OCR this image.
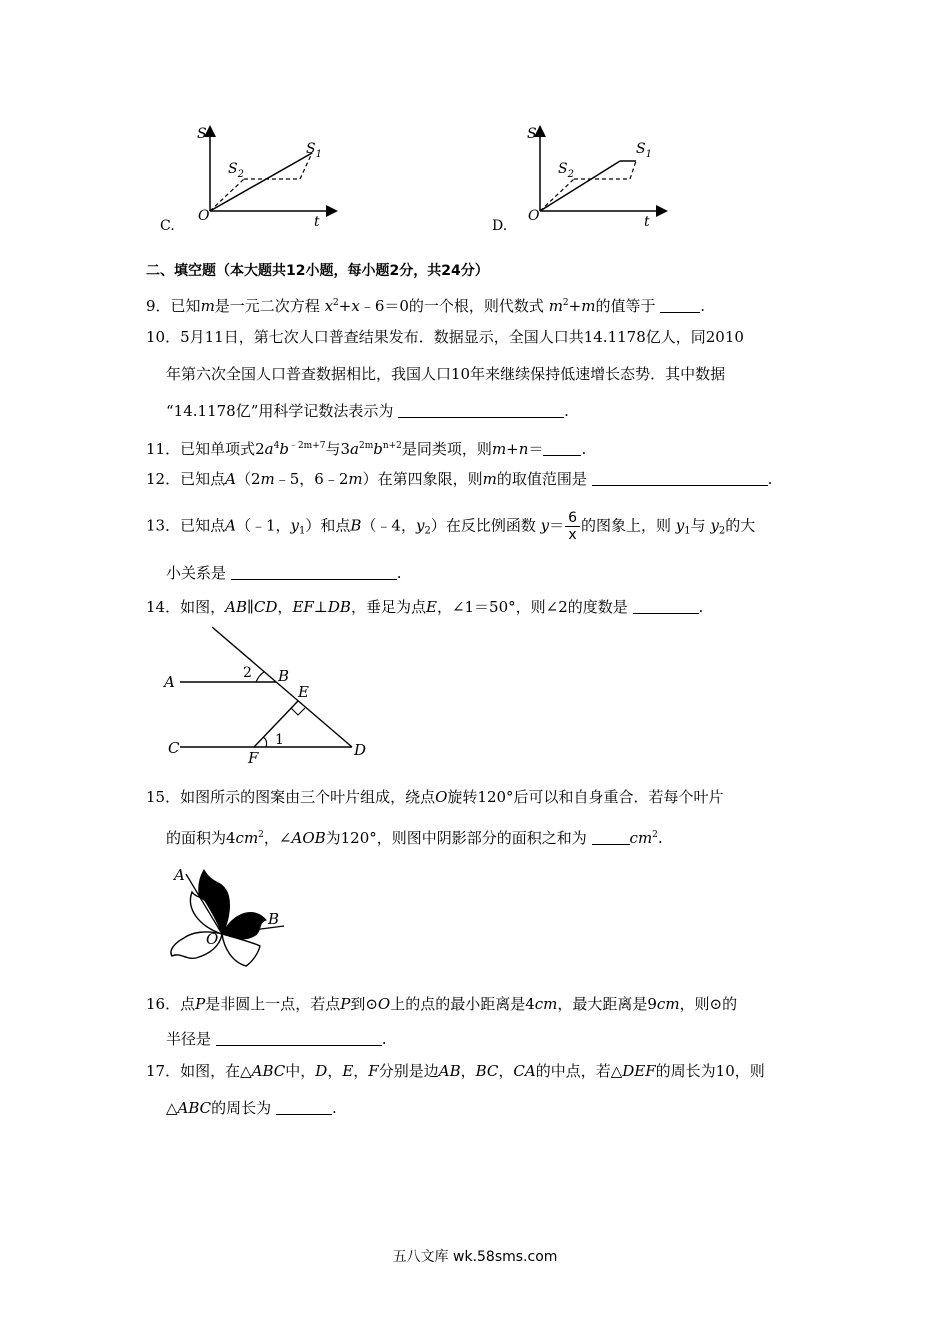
S
$S_1$
$S_2$
O	t
C.
S
$S_1$
$S_2$
O	t
D.
二、填空题（本大题共12小题，每小题2分，共24分）
9．已知m是一元二次方程 $x^2+x﹣6=0$的一个根，则代数式 $m^2+m$的值等于	.
10．5月11日，第七次人口普查结果发布．数据显示，全国人口共14.1178亿人，同2010
年第六次全国人口普查数据相比，我国人口10年来继续保持低速增长态势．其中数据
“14.1178亿”用科学记数法表示为	.
11．已知单项式$2a^4b^{﹣2m+7}$与$3a^{2m}b^{n+2}$是同类项，则m+n＝	.
12．已知点A（2m﹣5，6﹣2m）在第四象限，则m的取值范围是	.
13．已知点A（﹣1，$y_1$）和点B（﹣4，$y_2$）在反比例函数 $y= \frac{6}{x}$ 的图象上，则 $y_1$与 $y_2$的大
小关系是	.
14．如图，AB∥CD，EF⊥DB，垂足为点E，∠1＝50°，则∠2的度数是	.
A	B
E
C	D
F
1
2
15．如图所示的图案由三个叶片组成，绕点O旋转120°后可以和自身重合．若每个叶片
的面积为$4cm^2$，∠AOB为120°，则图中阴影部分的面积之和为	$cm^2$.
A
B
O
16．点P是非圆上一点，若点P到⊙O上的点的最小距离是4cm，最大距离是9cm，则⊙的
半径是	.
17．如图，在△ABC中，D，E，F分别是边AB，BC，CA的中点，若△DEF的周长为10，则
△ABC的周长为	.
五八文库 wk.58sms.com
